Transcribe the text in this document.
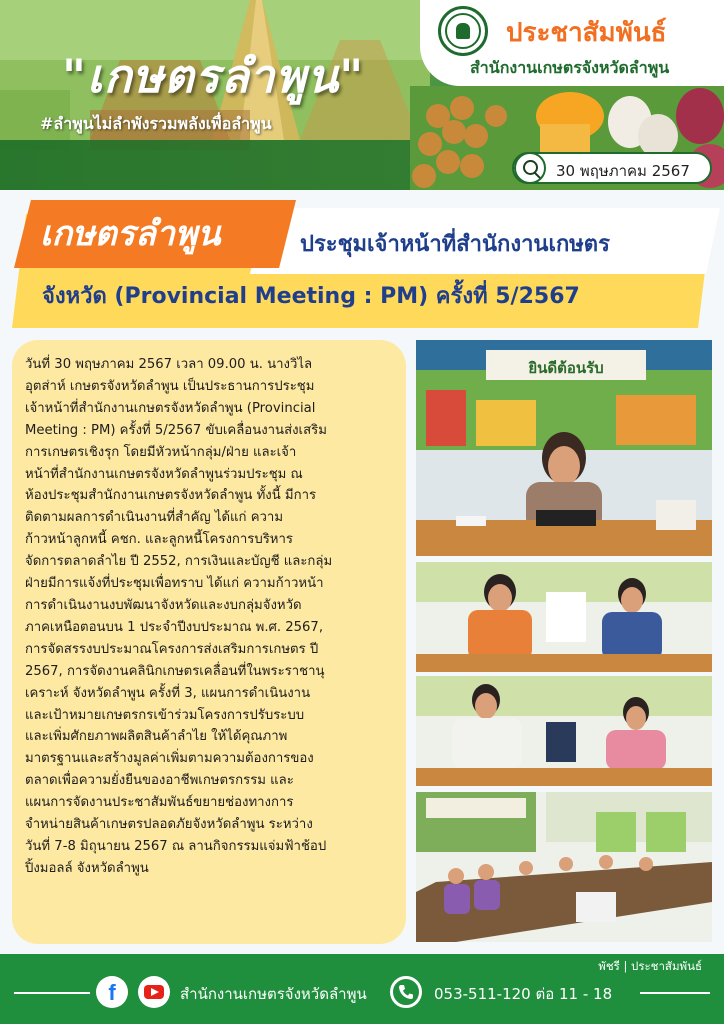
"เกษตรลำพูน"
#ลำพูนไม่ลำพังรวมพลังเพื่อลำพูน
ประชาสัมพันธ์
สำนักงานเกษตรจังหวัดลำพูน
30 พฤษภาคม 2567
เกษตรลำพูน	ประชุมเจ้าหน้าที่สำนักงานเกษตร
จังหวัด (Provincial Meeting : PM) ครั้งที่ 5/2567
วันที่ 30 พฤษภาคม 2567 เวลา 09.00 น. นางวิไล
อุตส่าห์ เกษตรจังหวัดลำพูน เป็นประธานการประชุม
เจ้าหน้าที่สำนักงานเกษตรจังหวัดลำพูน (Provincial
Meeting : PM) ครั้งที่ 5/2567 ขับเคลื่อนงานส่งเสริม
การเกษตรเชิงรุก โดยมีหัวหน้ากลุ่ม/ฝ่าย และเจ้า
หน้าที่สำนักงานเกษตรจังหวัดลำพูนร่วมประชุม ณ
ห้องประชุมสำนักงานเกษตรจังหวัดลำพูน ทั้งนี้ มีการ
ติดตามผลการดำเนินงานที่สำคัญ ได้แก่ ความ
ก้าวหน้าลูกหนี้ คชก. และลูกหนี้โครงการบริหาร
จัดการตลาดลำไย ปี 2552, การเงินและบัญชี และกลุ่ม
ฝ่ายมีการแจ้งที่ประชุมเพื่อทราบ ได้แก่ ความก้าวหน้า
การดำเนินงานงบพัฒนาจังหวัดและงบกลุ่มจังหวัด
ภาคเหนือตอนบน 1 ประจำปีงบประมาณ พ.ศ. 2567,
การจัดสรรงบประมาณโครงการส่งเสริมการเกษตร ปี
2567, การจัดงานคลินิกเกษตรเคลื่อนที่ในพระราชานุ
เคราะห์ จังหวัดลำพูน ครั้งที่ 3, แผนการดำเนินงาน
และเป้าหมายเกษตรกรเข้าร่วมโครงการปรับระบบ
และเพิ่มศักยภาพผลิตสินค้าลำไย ให้ได้คุณภาพ
มาตรฐานและสร้างมูลค่าเพิ่มตามความต้องการของ
ตลาดเพื่อความยั่งยืนของอาชีพเกษตรกรรม และ
แผนการจัดงานประชาสัมพันธ์ขยายช่องทางการ
จำหน่ายสินค้าเกษตรปลอดภัยจังหวัดลำพูน ระหว่าง
วันที่ 7-8 มิถุนายน 2567 ณ ลานกิจกรรมแจ่มฟ้าช้อป
ปิ้งมอลล์ จังหวัดลำพูน
ยินดีต้อนรับ
พัชรี | ประชาสัมพันธ์
f	สำนักงานเกษตรจังหวัดลำพูน	053-511-120 ต่อ 11 - 18
